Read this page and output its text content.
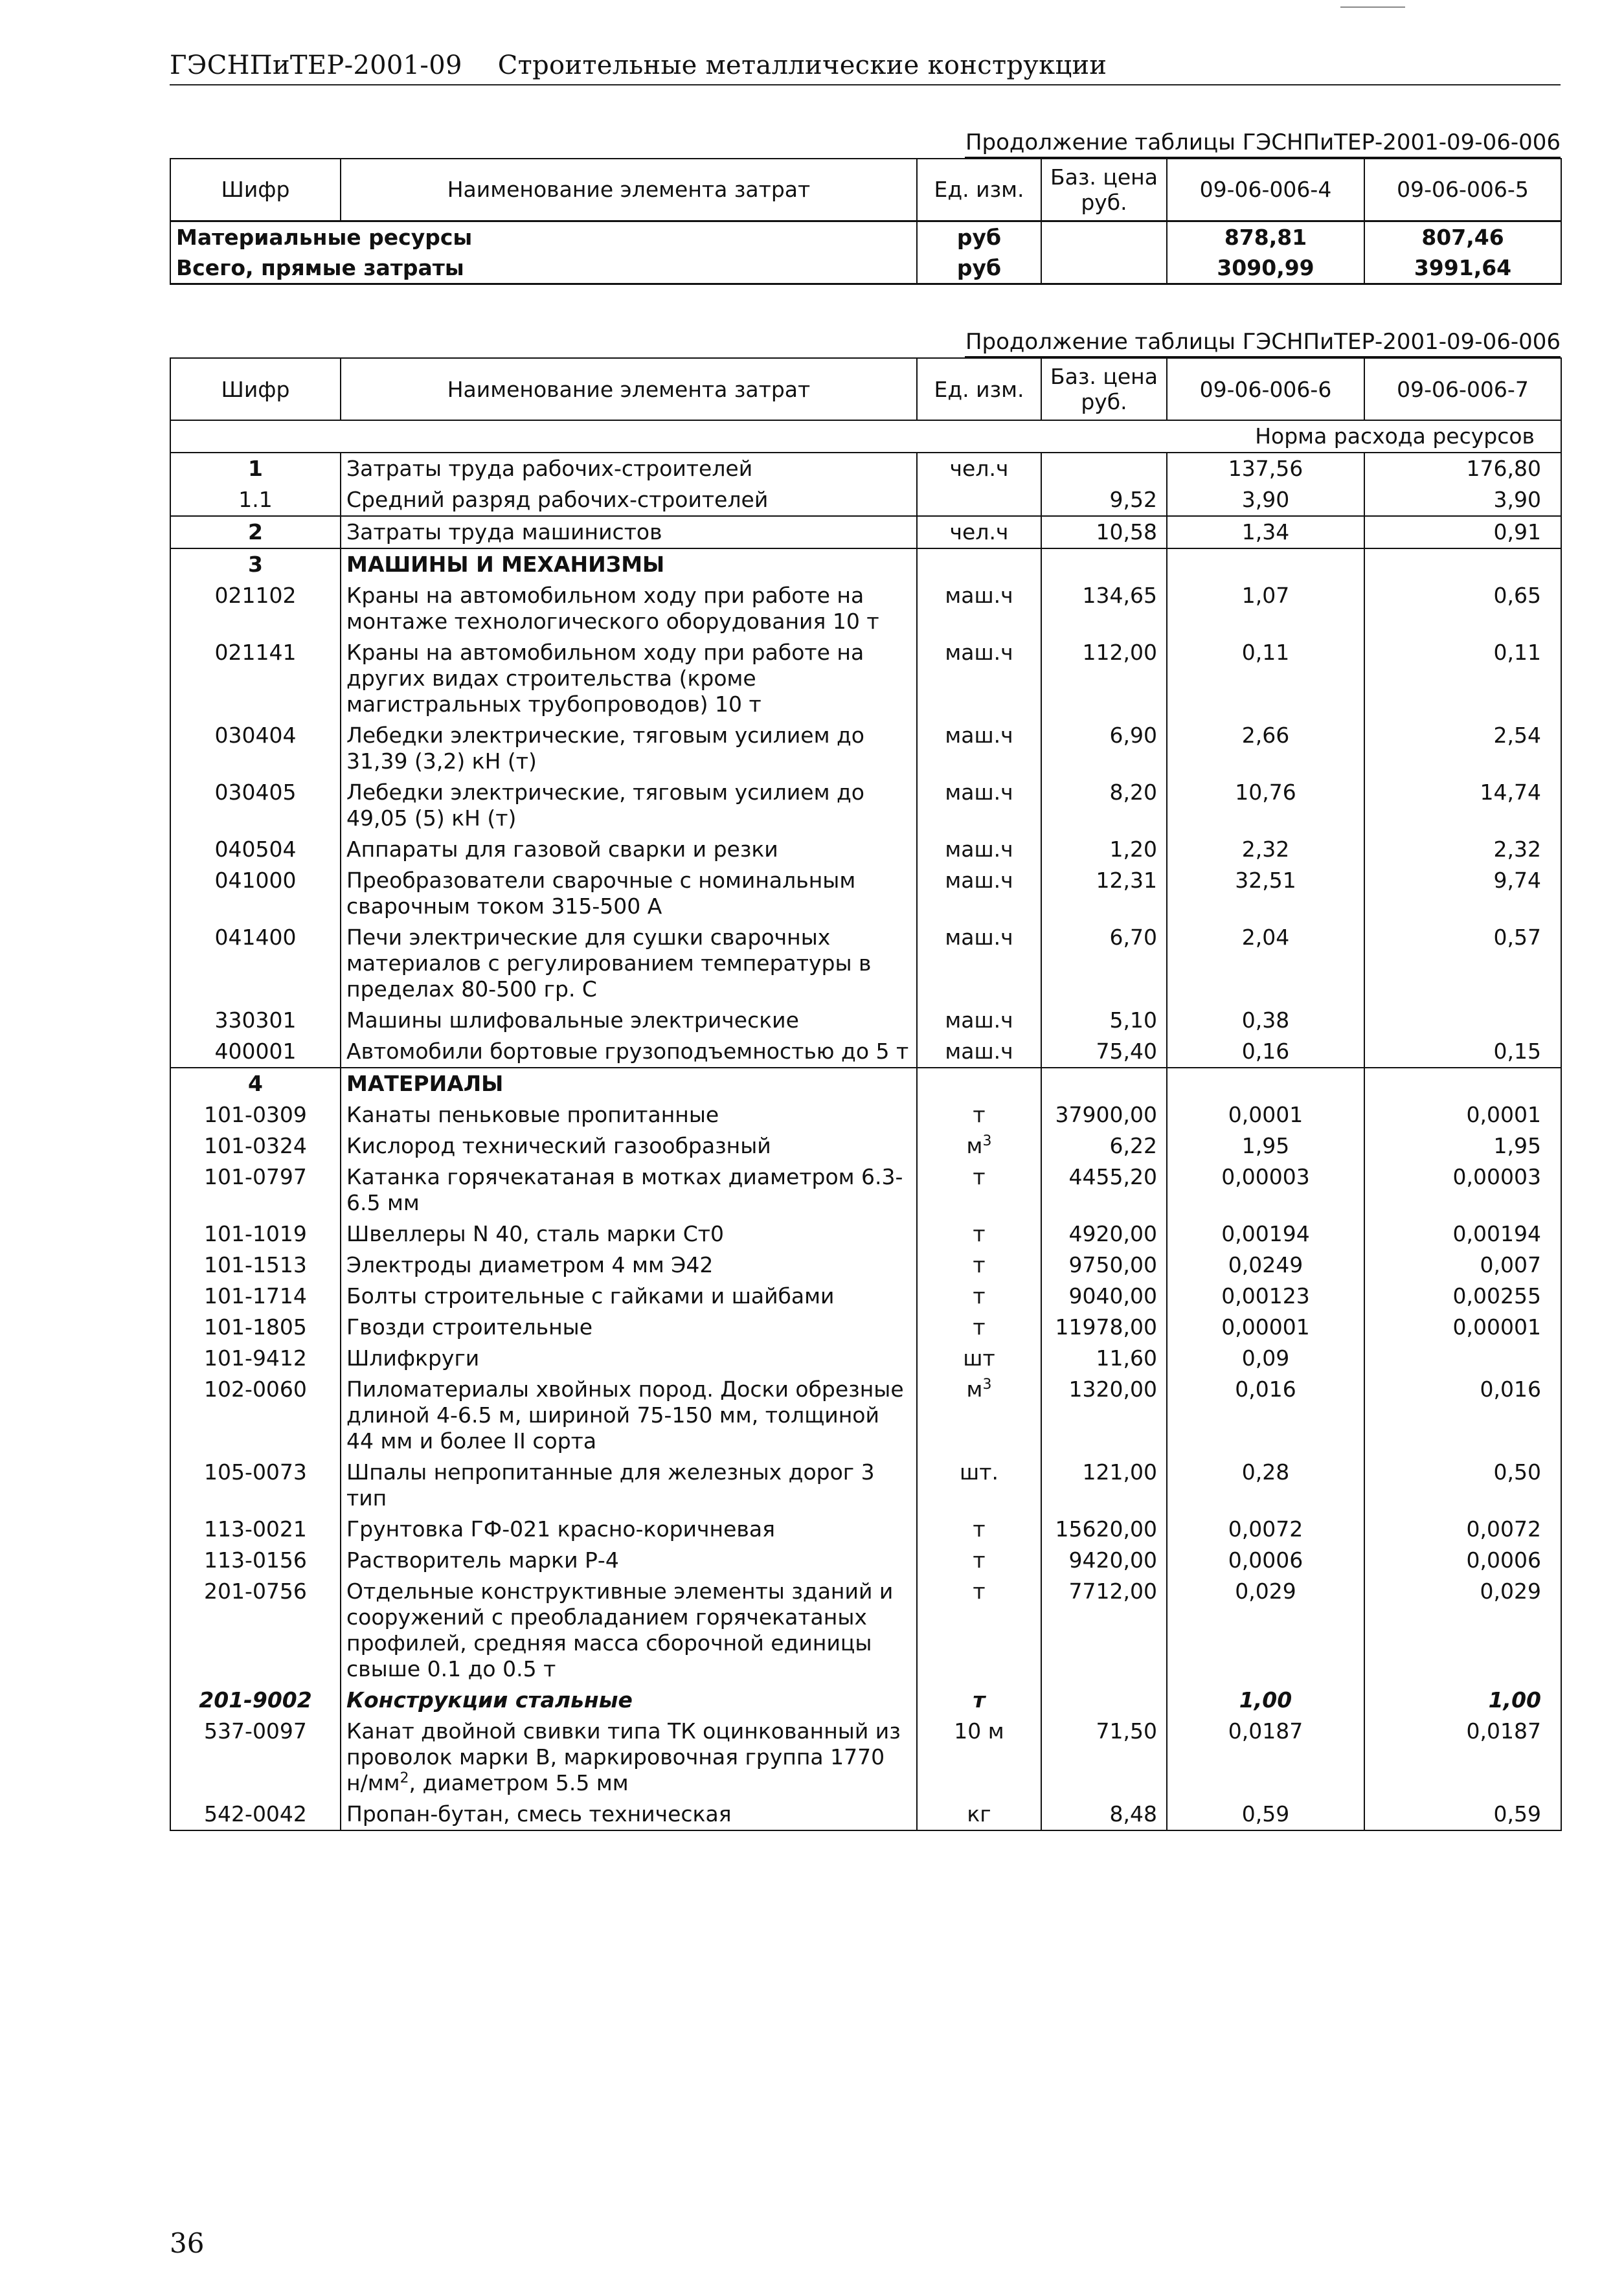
ГЭСНПиТЕР-2001-09 Строительные металлические конструкции
Продолжение таблицы ГЭСНПиТЕР-2001-09-06-006
Шифр	Наименование элемента затрат	Ед. изм.	Баз. цена руб.	09-06-006-4	09-06-006-5
Материальные ресурсы		руб		878,81	807,46
Всего, прямые затраты		руб		3090,99	3991,64
Продолжение таблицы ГЭСНПиТЕР-2001-09-06-006
Шифр	Наименование элемента затрат	Ед. изм.	Баз. цена руб.	09-06-006-6	09-06-006-7
Норма расхода ресурсов					
1	Затраты труда рабочих-строителей	чел.ч		137,56	176,80
1.1	Средний разряд рабочих-строителей		9,52	3,90	3,90
2	Затраты труда машинистов	чел.ч	10,58	1,34	0,91
3	МАШИНЫ И МЕХАНИЗМЫ				
021102	Краны на автомобильном ходу при работе на монтаже технологического оборудования 10 т	маш.ч	134,65	1,07	0,65
021141	Краны на автомобильном ходу при работе на других видах строительства (кроме магистральных трубопроводов) 10 т	маш.ч	112,00	0,11	0,11
030404	Лебедки электрические, тяговым усилием до 31,39 (3,2) кН (т)	маш.ч	6,90	2,66	2,54
030405	Лебедки электрические, тяговым усилием до 49,05 (5) кН (т)	маш.ч	8,20	10,76	14,74
040504	Аппараты для газовой сварки и резки	маш.ч	1,20	2,32	2,32
041000	Преобразователи сварочные с номинальным сварочным током 315-500 А	маш.ч	12,31	32,51	9,74
041400	Печи электрические для сушки сварочных материалов с регулированием температуры в пределах 80-500 гр. С	маш.ч	6,70	2,04	0,57
330301	Машины шлифовальные электрические	маш.ч	5,10	0,38	
400001	Автомобили бортовые грузоподъемностью до 5 т	маш.ч	75,40	0,16	0,15
4	МАТЕРИАЛЫ				
101-0309	Канаты пеньковые пропитанные	т	37900,00	0,0001	0,0001
101-0324	Кислород технический газообразный	$м^3$	6,22	1,95	1,95
101-0797	Катанка горячекатаная в мотках диаметром 6.3-6.5 мм	т	4455,20	0,00003	0,00003
101-1019	Швеллеры N 40, сталь марки Ст0	т	4920,00	0,00194	0,00194
101-1513	Электроды диаметром 4 мм Э42	т	9750,00	0,0249	0,007
101-1714	Болты строительные с гайками и шайбами	т	9040,00	0,00123	0,00255
101-1805	Гвозди строительные	т	11978,00	0,00001	0,00001
101-9412	Шлифкруги	шт	11,60	0,09	
102-0060	Пиломатериалы хвойных пород. Доски обрезные длиной 4-6.5 м, шириной 75-150 мм, толщиной 44 мм и более II сорта	$м^3$	1320,00	0,016	0,016
105-0073	Шпалы непропитанные для железных дорог 3 тип	шт.	121,00	0,28	0,50
113-0021	Грунтовка ГФ-021 красно-коричневая	т	15620,00	0,0072	0,0072
113-0156	Растворитель марки Р-4	т	9420,00	0,0006	0,0006
201-0756	Отдельные конструктивные элементы зданий и сооружений с преобладанием горячекатаных профилей, средняя масса сборочной единицы свыше 0.1 до 0.5 т	т	7712,00	0,029	0,029
201-9002	Конструкции стальные	т		1,00	1,00
537-0097	Канат двойной свивки типа ТК оцинкованный из проволок марки В, маркировочная группа 1770 $н/мм^2$, диаметром 5.5 мм	10 м	71,50	0,0187	0,0187
542-0042	Пропан-бутан, смесь техническая	кг	8,48	0,59	0,59
36
